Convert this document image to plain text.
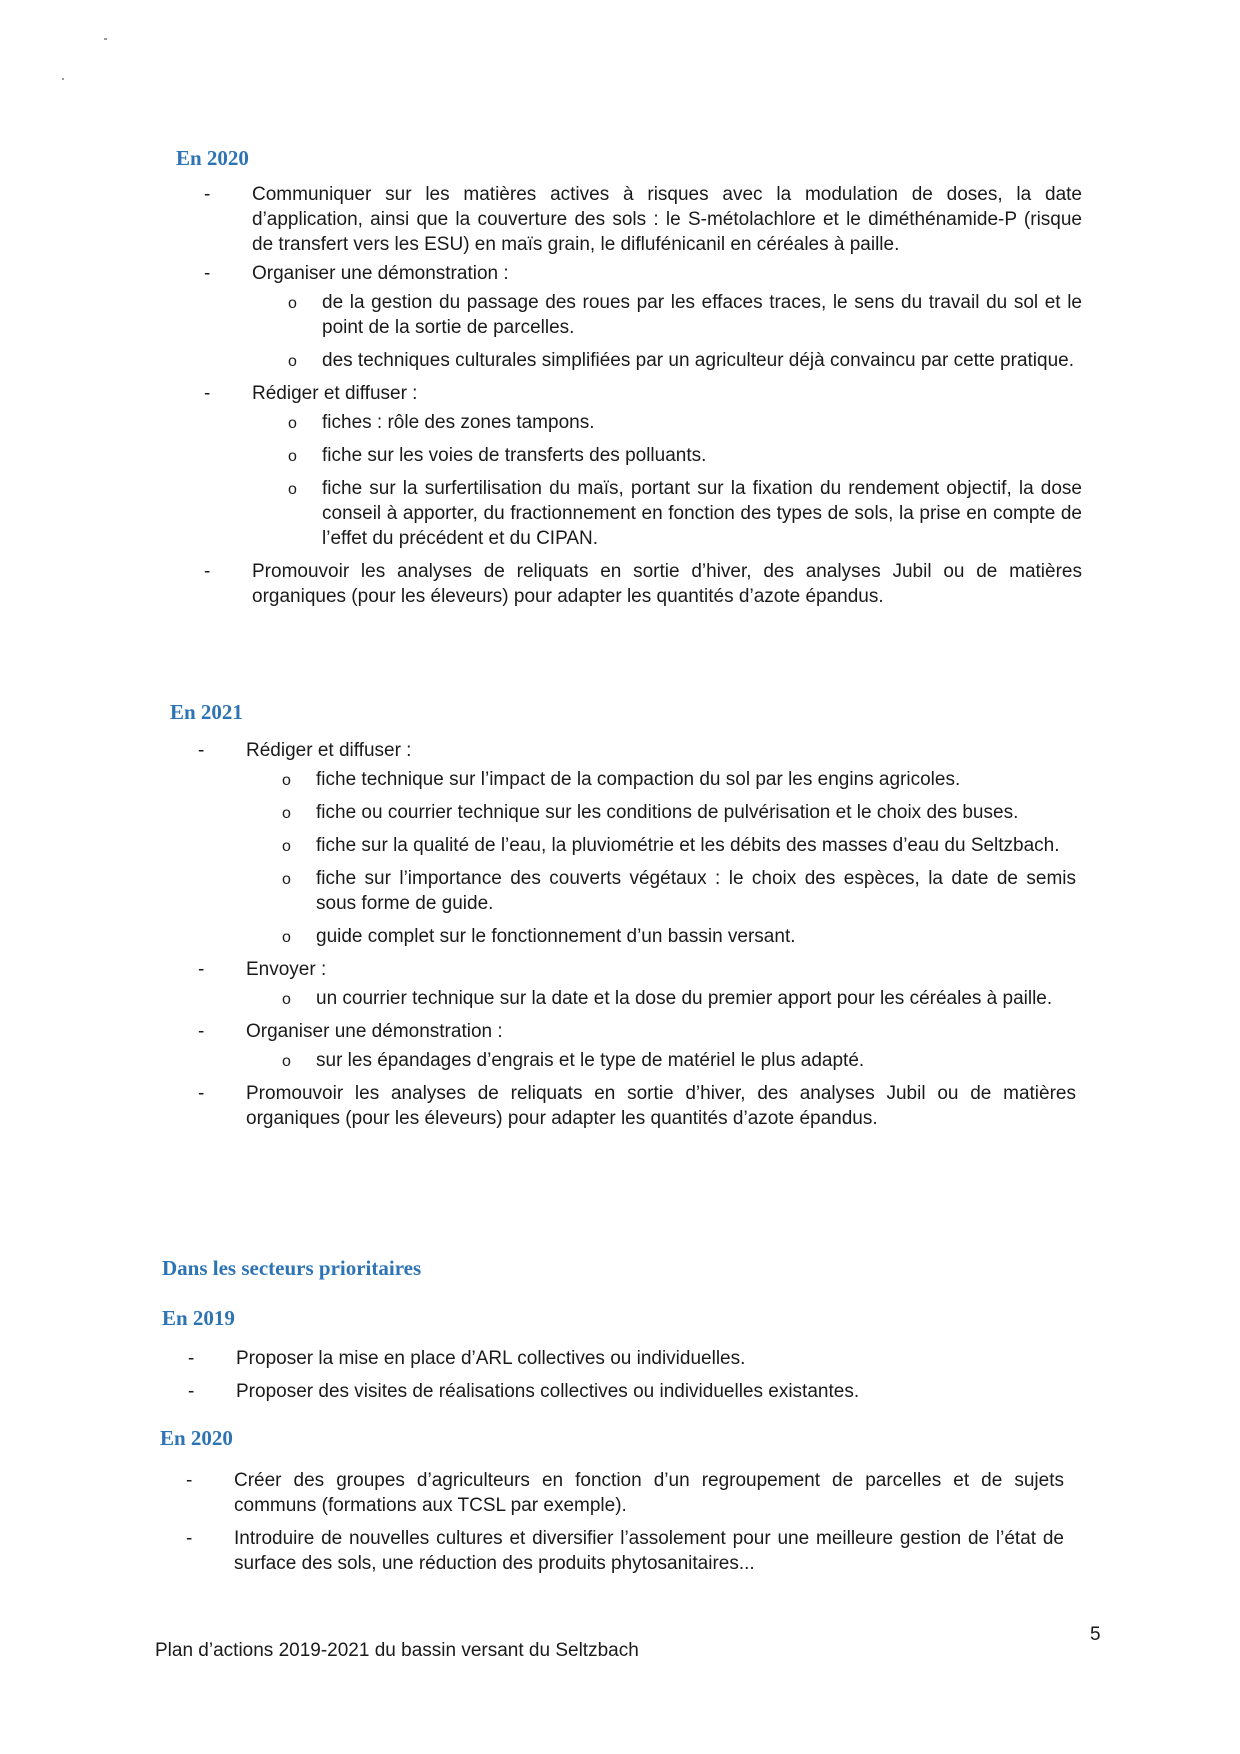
En 2020
- Communiquer sur les matières actives à risques avec la modulation de doses, la date d’application, ainsi que la couverture des sols : le S-métolachlore et le diméthénamide-P (risque de transfert vers les ESU) en maïs grain, le diflufénicanil en céréales à paille.
- Organiser une démonstration :
o de la gestion du passage des roues par les effaces traces, le sens du travail du sol et le point de la sortie de parcelles.
o des techniques culturales simplifiées par un agriculteur déjà convaincu par cette pratique.
- Rédiger et diffuser :
o fiches : rôle des zones tampons.
o fiche sur les voies de transferts des polluants.
o fiche sur la surfertilisation du maïs, portant sur la fixation du rendement objectif, la dose conseil à apporter, du fractionnement en fonction des types de sols, la prise en compte de l’effet du précédent et du CIPAN.
- Promouvoir les analyses de reliquats en sortie d’hiver, des analyses Jubil ou de matières organiques (pour les éleveurs) pour adapter les quantités d’azote épandus.
En 2021
- Rédiger et diffuser :
o fiche technique sur l’impact de la compaction du sol par les engins agricoles.
o fiche ou courrier technique sur les conditions de pulvérisation et le choix des buses.
o fiche sur la qualité de l’eau, la pluviométrie et les débits des masses d’eau du Seltzbach.
o fiche sur l’importance des couverts végétaux : le choix des espèces, la date de semis sous forme de guide.
o guide complet sur le fonctionnement d’un bassin versant.
- Envoyer :
o un courrier technique sur la date et la dose du premier apport pour les céréales à paille.
- Organiser une démonstration :
o sur les épandages d’engrais et le type de matériel le plus adapté.
- Promouvoir les analyses de reliquats en sortie d’hiver, des analyses Jubil ou de matières organiques (pour les éleveurs) pour adapter les quantités d’azote épandus.
Dans les secteurs prioritaires
En 2019
- Proposer la mise en place d’ARL collectives ou individuelles.
- Proposer des visites de réalisations collectives ou individuelles existantes.
En 2020
- Créer des groupes d’agriculteurs en fonction d’un regroupement de parcelles et de sujets communs (formations aux TCSL par exemple).
- Introduire de nouvelles cultures et diversifier l’assolement pour une meilleure gestion de l’état de surface des sols, une réduction des produits phytosanitaires...
Plan d’actions 2019-2021 du bassin versant du Seltzbach
5
